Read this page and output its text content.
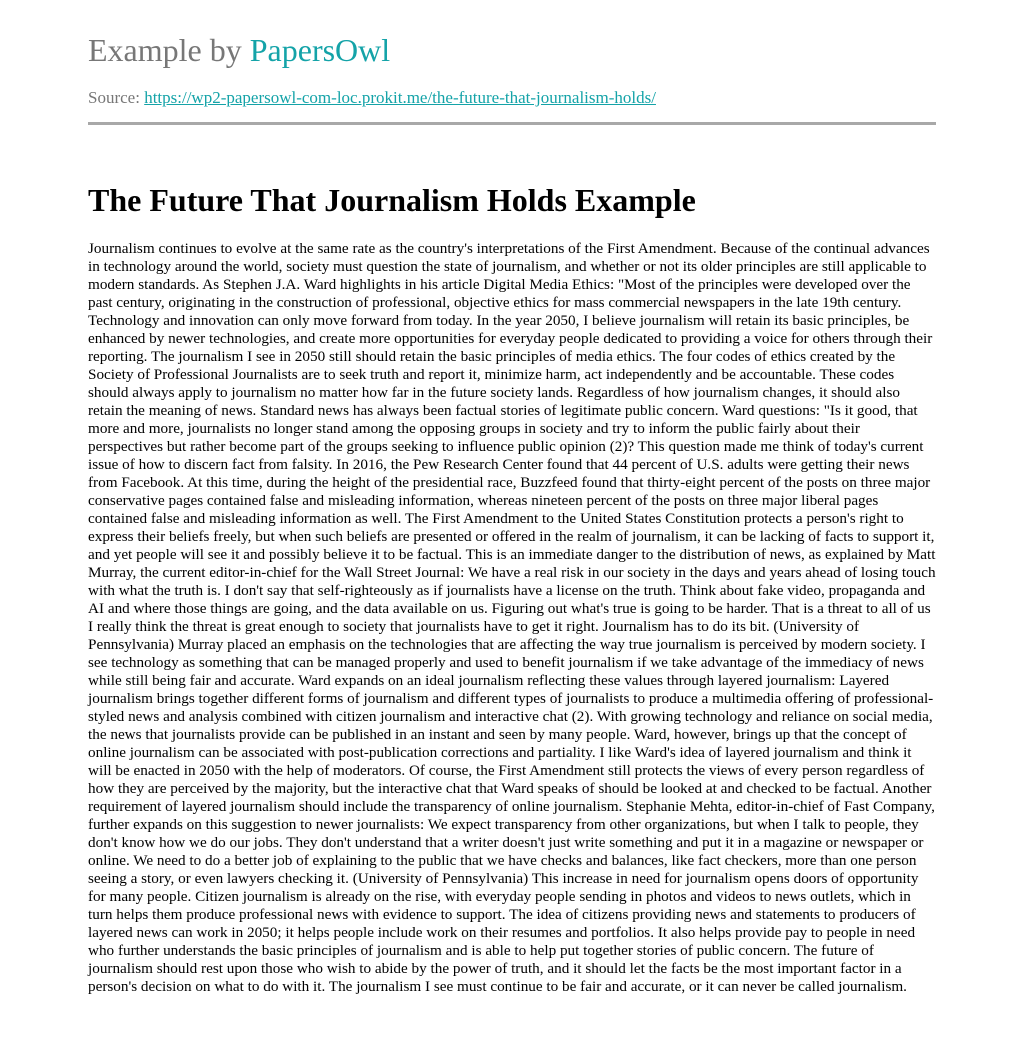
Example by PapersOwl
Source: https://wp2-papersowl-com-loc.prokit.me/the-future-that-journalism-holds/
The Future That Journalism Holds Example

Journalism continues to evolve at the same rate as the country's interpretations of the First Amendment. Because of the continual advances in technology around the world, society must question the state of journalism, and whether or not its older principles are still applicable to modern standards. As Stephen J.A. Ward highlights in his article Digital Media Ethics: "Most of the principles were developed over the past century, originating in the construction of professional, objective ethics for mass commercial newspapers in the late 19th century. Technology and innovation can only move forward from today. In the year 2050, I believe journalism will retain its basic principles, be enhanced by newer technologies, and create more opportunities for everyday people dedicated to providing a voice for others through their reporting. The journalism I see in 2050 still should retain the basic principles of media ethics. The four codes of ethics created by the Society of Professional Journalists are to seek truth and report it, minimize harm, act independently and be accountable. These codes should always apply to journalism no matter how far in the future society lands. Regardless of how journalism changes, it should also retain the meaning of news. Standard news has always been factual stories of legitimate public concern. Ward questions: "Is it good, that more and more, journalists no longer stand among the opposing groups in society and try to inform the public fairly about their perspectives but rather become part of the groups seeking to influence public opinion (2)? This question made me think of today's current issue of how to discern fact from falsity. In 2016, the Pew Research Center found that 44 percent of U.S. adults were getting their news from Facebook. At this time, during the height of the presidential race, Buzzfeed found that thirty-eight percent of the posts on three major conservative pages contained false and misleading information, whereas nineteen percent of the posts on three major liberal pages contained false and misleading information as well. The First Amendment to the United States Constitution protects a person's right to express their beliefs freely, but when such beliefs are presented or offered in the realm of journalism, it can be lacking of facts to support it, and yet people will see it and possibly believe it to be factual. This is an immediate danger to the distribution of news, as explained by Matt Murray, the current editor-in-chief for the Wall Street Journal: We have a real risk in our society in the days and years ahead of losing touch with what the truth is. I don't say that self-righteously as if journalists have a license on the truth. Think about fake video, propaganda and AI and where those things are going, and the data available on us. Figuring out what's true is going to be harder. That is a threat to all of us I really think the threat is great enough to society that journalists have to get it right. Journalism has to do its bit. (University of Pennsylvania) Murray placed an emphasis on the technologies that are affecting the way true journalism is perceived by modern society. I see technology as something that can be managed properly and used to benefit journalism if we take advantage of the immediacy of news while still being fair and accurate. Ward expands on an ideal journalism reflecting these values through layered journalism: Layered journalism brings together different forms of journalism and different types of journalists to produce a multimedia offering of professional-styled news and analysis combined with citizen journalism and interactive chat (2). With growing technology and reliance on social media, the news that journalists provide can be published in an instant and seen by many people. Ward, however, brings up that the concept of online journalism can be associated with post-publication corrections and partiality. I like Ward's idea of layered journalism and think it will be enacted in 2050 with the help of moderators. Of course, the First Amendment still protects the views of every person regardless of how they are perceived by the majority, but the interactive chat that Ward speaks of should be looked at and checked to be factual. Another requirement of layered journalism should include the transparency of online journalism. Stephanie Mehta, editor-in-chief of Fast Company, further expands on this suggestion to newer journalists: We expect transparency from other organizations, but when I talk to people, they don't know how we do our jobs. They don't understand that a writer doesn't just write something and put it in a magazine or newspaper or online. We need to do a better job of explaining to the public that we have checks and balances, like fact checkers, more than one person seeing a story, or even lawyers checking it. (University of Pennsylvania) This increase in need for journalism opens doors of opportunity for many people. Citizen journalism is already on the rise, with everyday people sending in photos and videos to news outlets, which in turn helps them produce professional news with evidence to support. The idea of citizens providing news and statements to producers of layered news can work in 2050; it helps people include work on their resumes and portfolios. It also helps provide pay to people in need who further understands the basic principles of journalism and is able to help put together stories of public concern. The future of journalism should rest upon those who wish to abide by the power of truth, and it should let the facts be the most important factor in a person's decision on what to do with it. The journalism I see must continue to be fair and accurate, or it can never be called journalism.
